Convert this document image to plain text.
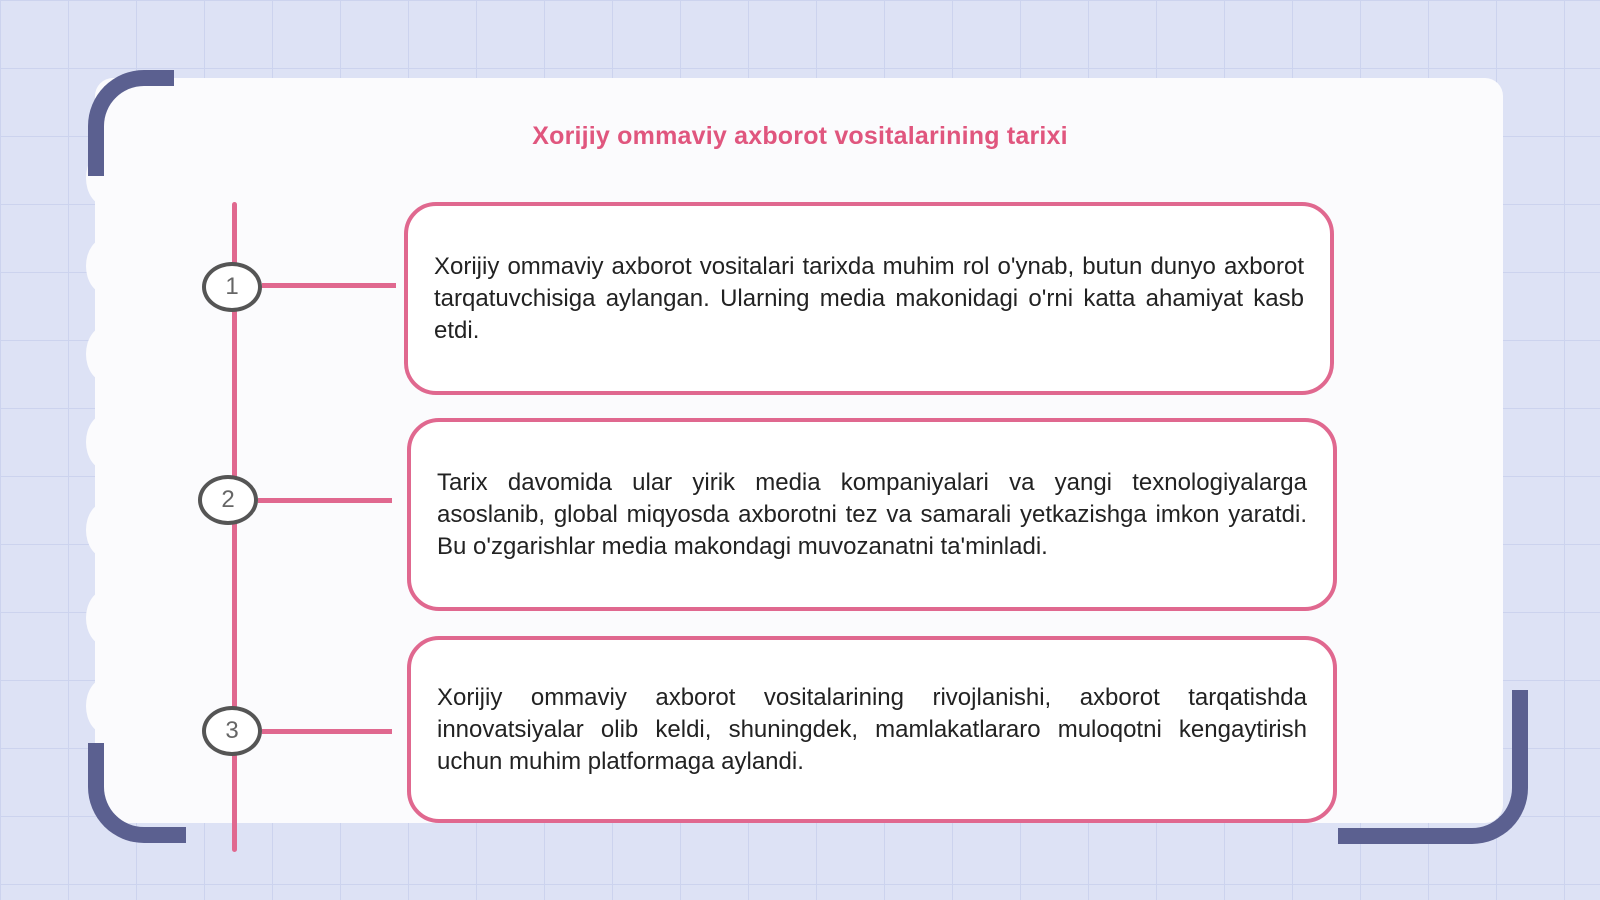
Xorijiy ommaviy axborot vositalarining tarixi
1
2
3
Xorijiy ommaviy axborot vositalari tarixda muhim rol o'ynab, butun dunyo axborot tarqatuvchisiga aylangan. Ularning media makonidagi o'rni katta ahamiyat kasb etdi.
Tarix davomida ular yirik media kompaniyalari va yangi texnologiyalarga asoslanib, global miqyosda axborotni tez va samarali yetkazishga imkon yaratdi. Bu o'zgarishlar media makondagi muvozanatni ta'minladi.
Xorijiy ommaviy axborot vositalarining rivojlanishi, axborot tarqatishda innovatsiyalar olib keldi, shuningdek, mamlakatlararo muloqotni kengaytirish uchun muhim platformaga aylandi.
